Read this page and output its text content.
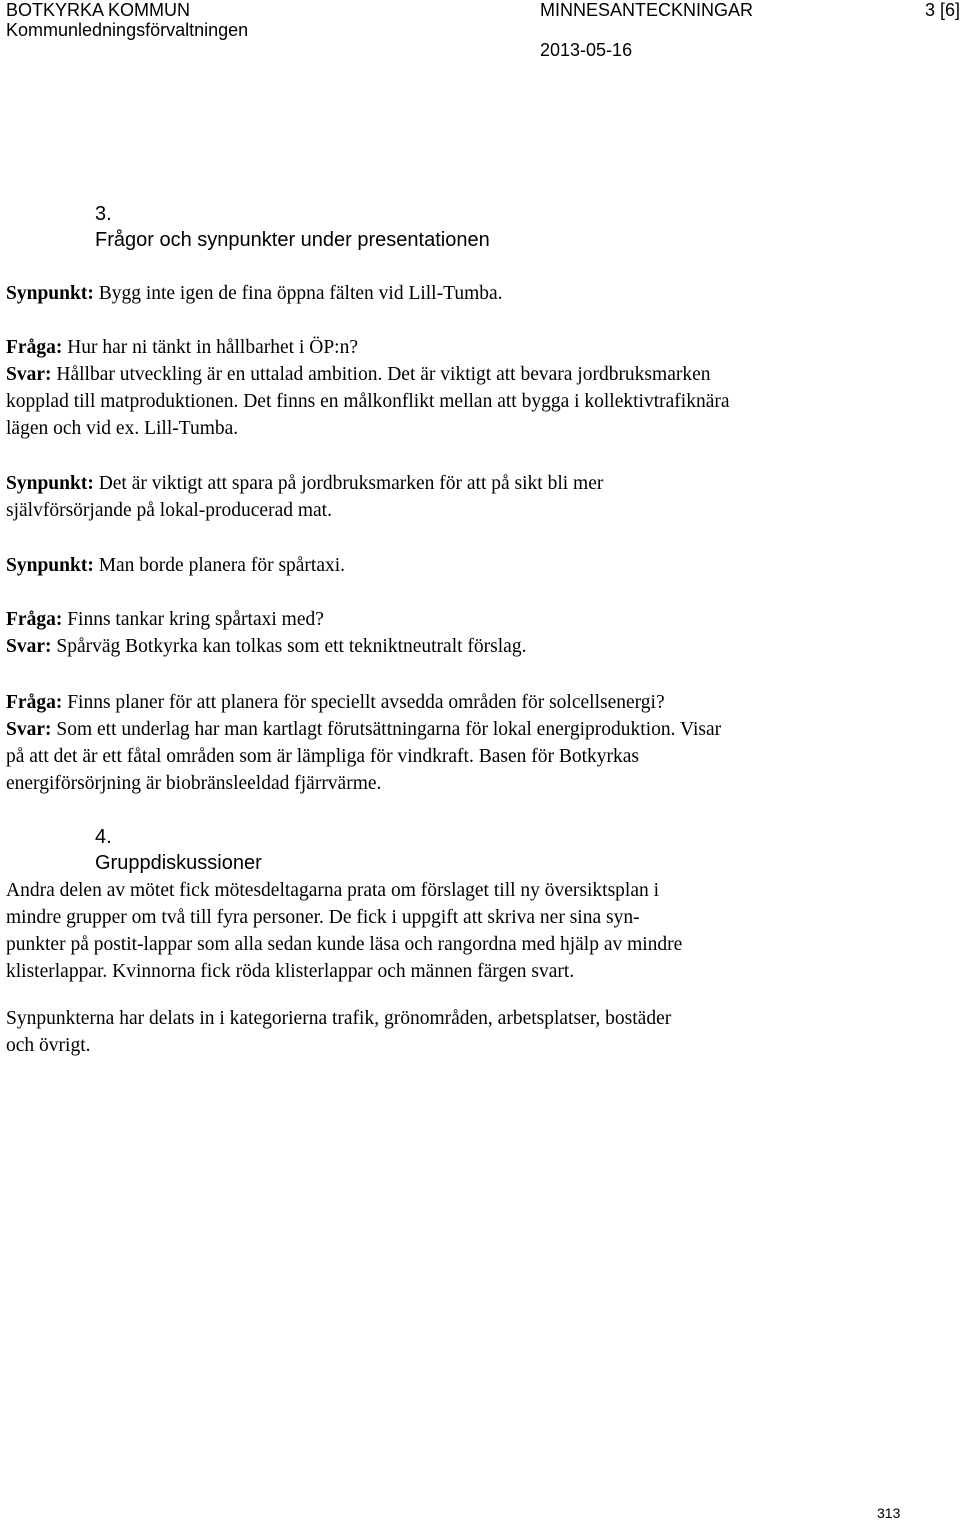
BOTKYRKA KOMMUN
Kommunledningsförvaltningen
MINNESANTECKNINGAR	3 [6]
2013-05-16
3.
Frågor och synpunkter under presentationen
Synpunkt: Bygg inte igen de fina öppna fälten vid Lill-Tumba.
Fråga: Hur har ni tänkt in hållbarhet i ÖP:n?
Svar: Hållbar utveckling är en uttalad ambition. Det är viktigt att bevara jordbruksmarken
kopplad till matproduktionen. Det finns en målkonflikt mellan att bygga i kollektivtrafiknära
lägen och vid ex. Lill-Tumba.
Synpunkt: Det är viktigt att spara på jordbruksmarken för att på sikt bli mer
självförsörjande på lokal-producerad mat.
Synpunkt: Man borde planera för spårtaxi.
Fråga: Finns tankar kring spårtaxi med?
Svar: Spårväg Botkyrka kan tolkas som ett tekniktneutralt förslag.
Fråga: Finns planer för att planera för speciellt avsedda områden för solcellsenergi?
Svar: Som ett underlag har man kartlagt förutsättningarna för lokal energiproduktion. Visar
på att det är ett fåtal områden som är lämpliga för vindkraft. Basen för Botkyrkas
energiförsörjning är biobränsleeldad fjärrvärme.
4.
Gruppdiskussioner
Andra delen av mötet fick mötesdeltagarna prata om förslaget till ny översiktsplan i
mindre grupper om två till fyra personer. De fick i uppgift att skriva ner sina syn-
punkter på postit-lappar som alla sedan kunde läsa och rangordna med hjälp av mindre
klisterlappar. Kvinnorna fick röda klisterlappar och männen färgen svart.
Synpunkterna har delats in i kategorierna trafik, grönområden, arbetsplatser, bostäder
och övrigt.
313
